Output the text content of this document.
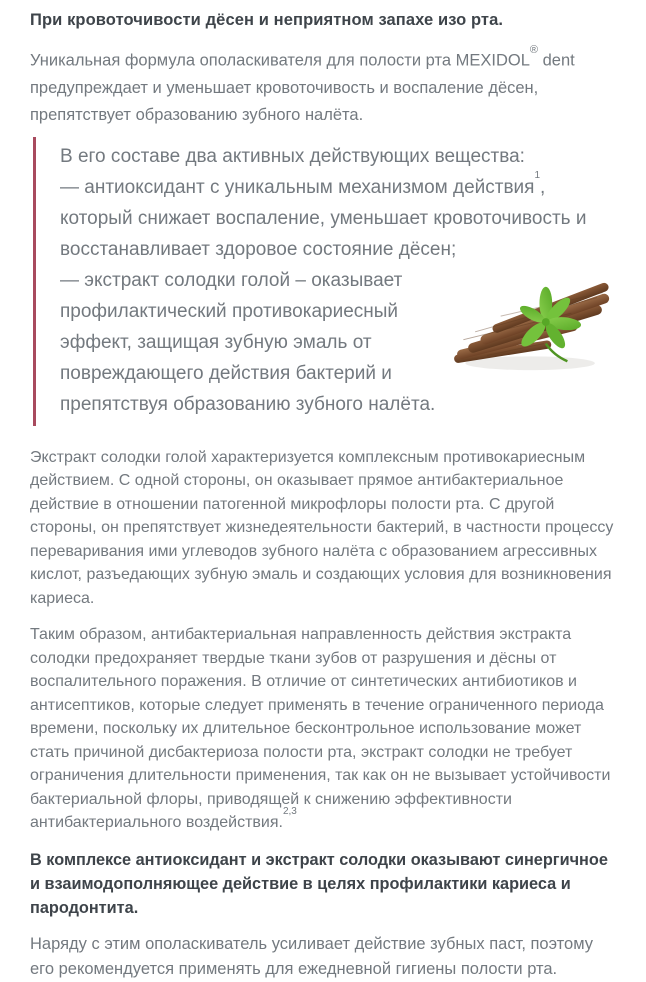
При кровоточивости дёсен и неприятном запахе изо рта.

Уникальная формула ополаскивателя для полости рта MEXIDOL® dent предупреждает и уменьшает кровоточивость и воспаление дёсен, препятствует образованию зубного налёта.

В его составе два активных действующих вещества:

— антиоксидант с уникальным механизмом действия$^1$, который снижает воспаление, уменьшает кровоточивость и восстанавливает здоровое состояние дёсен;

— экстракт солодки голой – оказывает профилактический противокариесный эффект, защищая зубную эмаль от повреждающего действия бактерий и препятствуя образованию зубного налёта.

Экстракт солодки голой характеризуется комплексным противокариесным действием. С одной стороны, он оказывает прямое антибактериальное действие в отношении патогенной микрофлоры полости рта. С другой стороны, он препятствует жизнедеятельности бактерий, в частности процессу переваривания ими углеводов зубного налёта с образованием агрессивных кислот, разъедающих зубную эмаль и создающих условия для возникновения кариеса.

Таким образом, антибактериальная направленность действия экстракта солодки предохраняет твердые ткани зубов от разрушения и дёсны от воспалительного поражения. В отличие от синтетических антибиотиков и антисептиков, которые следует применять в течение ограниченного периода времени, поскольку их длительное бесконтрольное использование может стать причиной дисбактериоза полости рта, экстракт солодки не требует ограничения длительности применения, так как он не вызывает устойчивости бактериальной флоры, приводящей к снижению эффективности антибактериального воздействия.$^{2,3}$

В комплексе антиоксидант и экстракт солодки оказывают синергичное и взаимодополняющее действие в целях профилактики кариеса и пародонтита.

Наряду с этим ополаскиватель усиливает действие зубных паст, поэтому его рекомендуется применять для ежедневной гигиены полости рта.
